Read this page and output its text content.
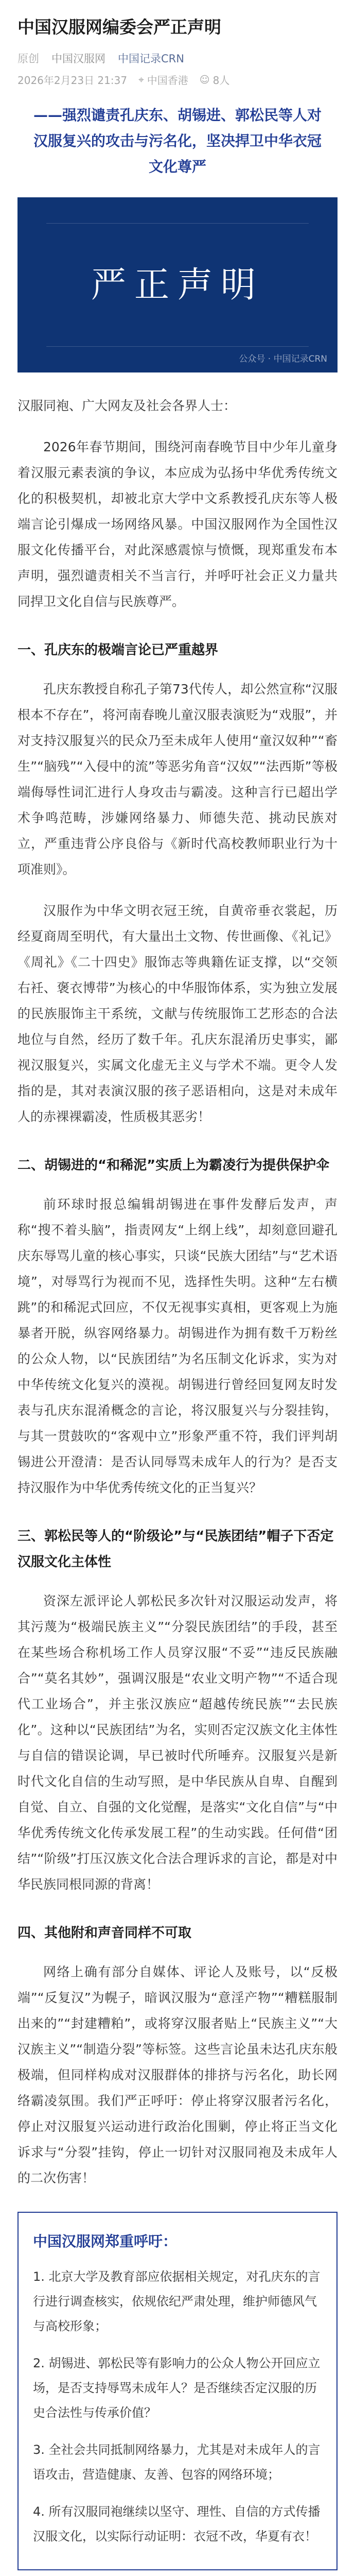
中国汉服网编委会严正声明
原创 中国汉服网 中国记录CRN
2026年2月23日 21:37 ⌖ 中国香港 ☺ 8人
——强烈谴责孔庆东、胡锡进、郭松民等人对汉服复兴的攻击与污名化，坚决捍卫中华衣冠文化尊严
严正声明
公众号 · 中国记录CRN

汉服同袍、广大网友及社会各界人士：

2026年春节期间，围绕河南春晚节目中少年儿童身着汉服元素表演的争议，本应成为弘扬中华优秀传统文化的积极契机，却被北京大学中文系教授孔庆东等人极端言论引爆成一场网络风暴。中国汉服网作为全国性汉服文化传播平台，对此深感震惊与愤慨，现郑重发布本声明，强烈谴责相关不当言行，并呼吁社会正义力量共同捍卫文化自信与民族尊严。

一、孔庆东的极端言论已严重越界

孔庆东教授自称孔子第73代传人，却公然宣称“汉服根本不存在”，将河南春晚儿童汉服表演贬为“戏服”，并对支持汉服复兴的民众乃至未成年人使用“童汉奴种”“畜生”“脑残”“入侵中的流”等恶劣角音“汉奴”“法西斯”等极端侮辱性词汇进行人身攻击与霸凌。这种言行已超出学术争鸣范畴，涉嫌网络暴力、师德失范、挑动民族对立，严重违背公序良俗与《新时代高校教师职业行为十项准则》。

汉服作为中华文明衣冠王统，自黄帝垂衣裳起，历经夏商周至明代，有大量出土文物、传世画像、《礼记》《周礼》《二十四史》服饰志等典籍佐证支撑，以“交领右衽、褒衣博带”为核心的中华服饰体系，实为独立发展的民族服饰主干系统，文献与传统服饰工艺形态的合法地位与自然，经历了数千年。孔庆东混淆历史事实，鄙视汉服复兴，实属文化虚无主义与学术不端。更令人发指的是，其对表演汉服的孩子恶语相向，这是对未成年人的赤裸裸霸凌，性质极其恶劣！

二、胡锡进的“和稀泥”实质上为霸凌行为提供保护伞

前环球时报总编辑胡锡进在事件发酵后发声，声称“搜不着头脑”，指责网友“上纲上线”，却刻意回避孔庆东辱骂儿童的核心事实，只谈“民族大团结”与“艺术语境”，对辱骂行为视而不见，选择性失明。这种“左右横跳”的和稀泥式回应，不仅无视事实真相，更客观上为施暴者开脱，纵容网络暴力。胡锡进作为拥有数千万粉丝的公众人物，以“民族团结”为名压制文化诉求，实为对中华传统文化复兴的漠视。胡锡进行曾经回复网友时发表与孔庆东混淆概念的言论，将汉服复兴与分裂挂钩，与其一贯鼓吹的“客观中立”形象严重不符，我们评判胡锡进公开澄清：是否认同辱骂未成年人的行为？是否支持汉服作为中华优秀传统文化的正当复兴？

三、郭松民等人的“阶级论”与“民族团结”帽子下否定汉服文化主体性

资深左派评论人郭松民多次针对汉服运动发声，将其污蔑为“极端民族主义”“分裂民族团结”的手段，甚至在某些场合称机场工作人员穿汉服“不妥”“违反民族融合”“莫名其妙”，强调汉服是“农业文明产物”“不适合现代工业场合”，并主张汉族应“超越传统民族”“去民族化”。这种以“民族团结”为名，实则否定汉族文化主体性与自信的错误论调，早已被时代所唾弃。汉服复兴是新时代文化自信的生动写照，是中华民族从自卑、自醒到自觉、自立、自强的文化觉醒，是落实“文化自信”与“中华优秀传统文化传承发展工程”的生动实践。任何借“团结”“阶级”打压汉族文化合法合理诉求的言论，都是对中华民族同根同源的背离！

四、其他附和声音同样不可取

网络上确有部分自媒体、评论人及账号，以“反极端”“反复汉”为幌子，暗讽汉服为“意淫产物”“糟糕服制出来的”“封建糟粕”，或将穿汉服者贴上“民族主义”“大汉族主义”“制造分裂”等标签。这些言论虽未达孔庆东般极端，但同样构成对汉服群体的排挤与污名化，助长网络霸凌氛围。我们严正呼吁：停止将穿汉服者污名化，停止对汉服复兴运动进行政治化围剿，停止将正当文化诉求与“分裂”挂钩，停止一切针对汉服同袍及未成年人的二次伤害！

中国汉服网郑重呼吁：
1. 北京大学及教育部应依据相关规定，对孔庆东的言行进行调查核实，依规依纪严肃处理，维护师德风气与高校形象；
2. 胡锡进、郭松民等有影响力的公众人物公开回应立场，是否支持辱骂未成年人？是否继续否定汉服的历史合法性与传承价值？
3. 全社会共同抵制网络暴力，尤其是对未成年人的言语攻击，营造健康、友善、包容的网络环境；
4. 所有汉服同袍继续以坚守、理性、自信的方式传播汉服文化，以实际行动证明：衣冠不改，华夏有衣！
